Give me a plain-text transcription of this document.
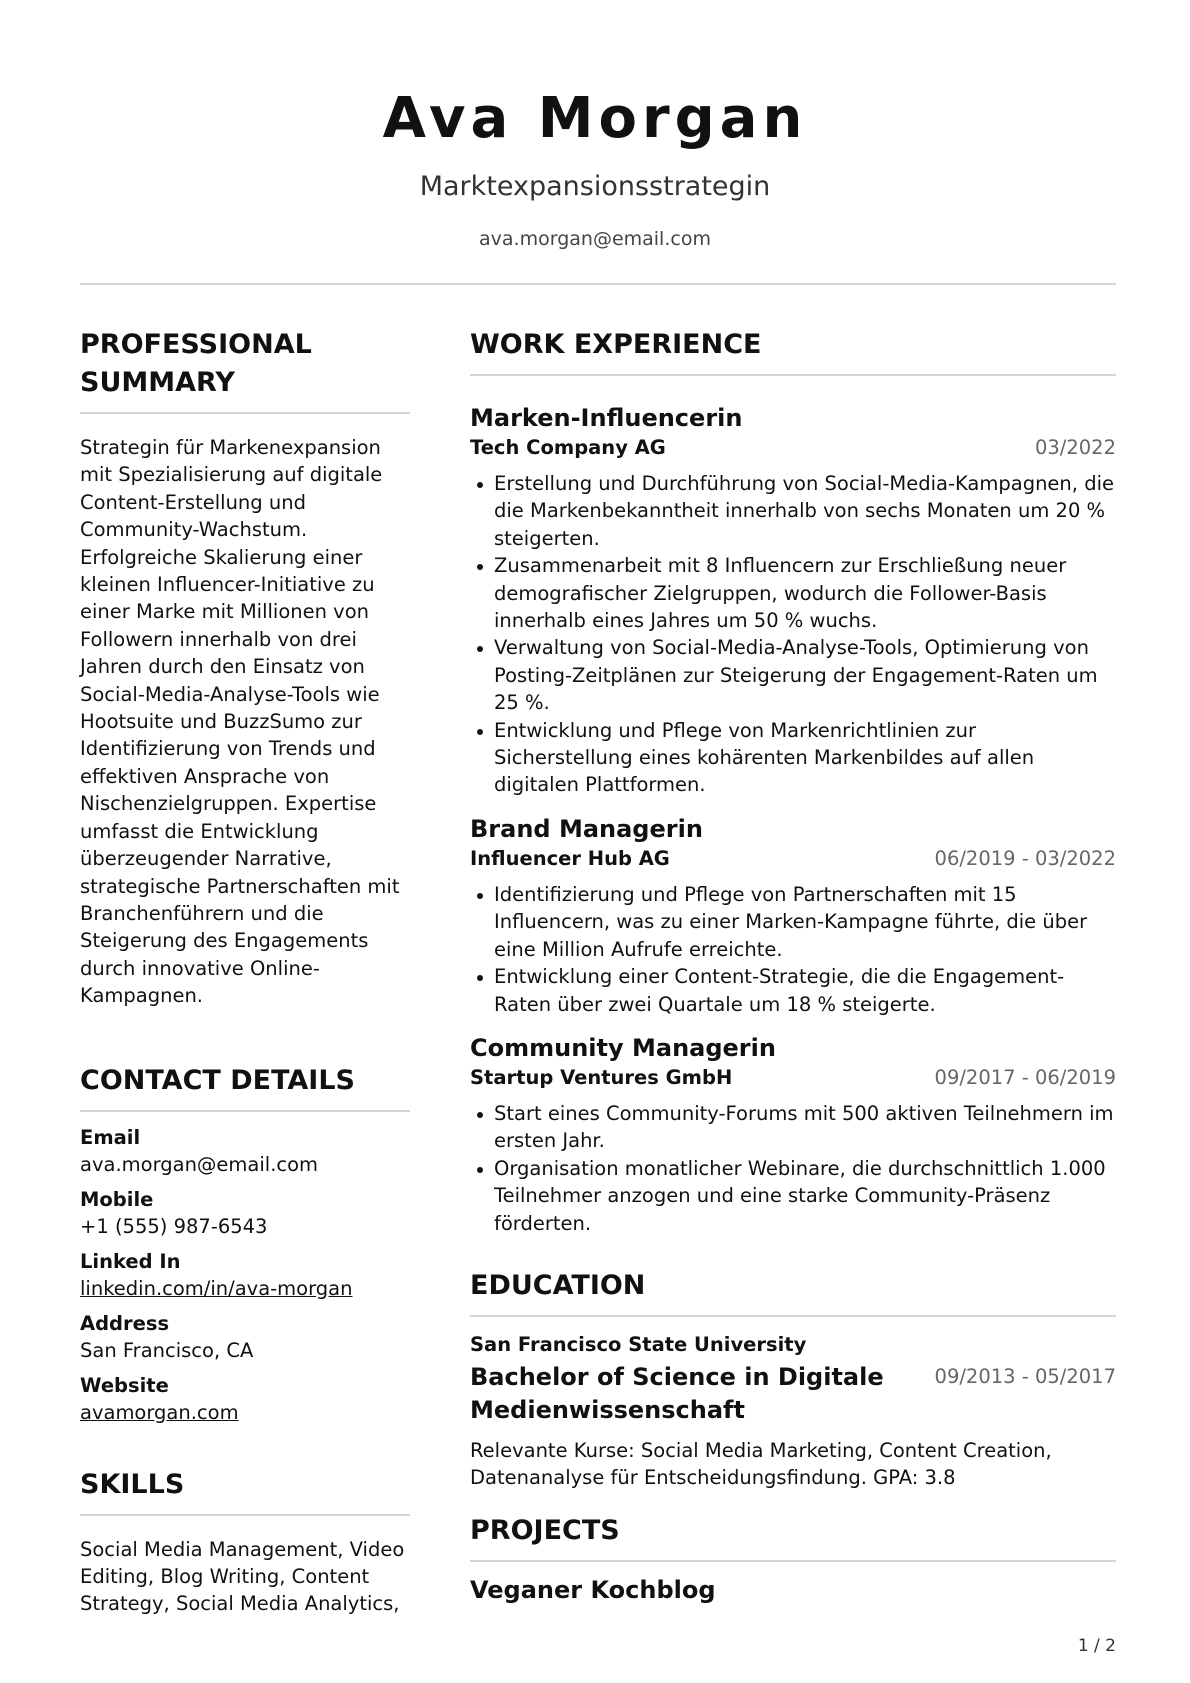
Ava Morgan
Marktexpansionsstrategin
ava.morgan@email.com
PROFESSIONAL SUMMARY

Strategin für Markenexpansion mit Spezialisierung auf digitale Content-Erstellung und Community-Wachstum. Erfolgreiche Skalierung einer kleinen Influencer-Initiative zu einer Marke mit Millionen von Followern innerhalb von drei Jahren durch den Einsatz von Social-Media-Analyse-Tools wie Hootsuite und BuzzSumo zur Identifizierung von Trends und effektiven Ansprache von Nischenzielgruppen. Expertise umfasst die Entwicklung überzeugender Narrative, strategische Partnerschaften mit Branchenführern und die Steigerung des Engagements durch innovative Online-Kampagnen.

CONTACT DETAILS
Email
ava.morgan@email.com
Mobile
+1 (555) 987-6543
Linked In
linkedin.com/in/ava-morgan
Address
San Francisco, CA
Website
avamorgan.com
SKILLS

Social Media Management, Video Editing, Blog Writing, Content Strategy, Social Media Analytics,

WORK EXPERIENCE
Marken-Influencerin
Tech Company AG	03/2022
Erstellung und Durchführung von Social-Media-Kampagnen, die die Markenbekanntheit innerhalb von sechs Monaten um 20 % steigerten.
Zusammenarbeit mit 8 Influencern zur Erschließung neuer demografischer Zielgruppen, wodurch die Follower-Basis innerhalb eines Jahres um 50 % wuchs.
Verwaltung von Social-Media-Analyse-Tools, Optimierung von Posting-Zeitplänen zur Steigerung der Engagement-Raten um 25 %.
Entwicklung und Pflege von Markenrichtlinien zur Sicherstellung eines kohärenten Markenbildes auf allen digitalen Plattformen.
Brand Managerin
Influencer Hub AG	06/2019 - 03/2022
Identifizierung und Pflege von Partnerschaften mit 15 Influencern, was zu einer Marken-Kampagne führte, die über eine Million Aufrufe erreichte.
Entwicklung einer Content-Strategie, die die Engagement-Raten über zwei Quartale um 18 % steigerte.
Community Managerin
Startup Ventures GmbH	09/2017 - 06/2019
Start eines Community-Forums mit 500 aktiven Teilnehmern im ersten Jahr.
Organisation monatlicher Webinare, die durchschnittlich 1.000 Teilnehmer anzogen und eine starke Community-Präsenz förderten.
EDUCATION
San Francisco State University
Bachelor of Science in Digitale Medienwissenschaft
09/2013 - 05/2017

Relevante Kurse: Social Media Marketing, Content Creation, Datenanalyse für Entscheidungsfindung. GPA: 3.8

PROJECTS
Veganer Kochblog
1 / 2
